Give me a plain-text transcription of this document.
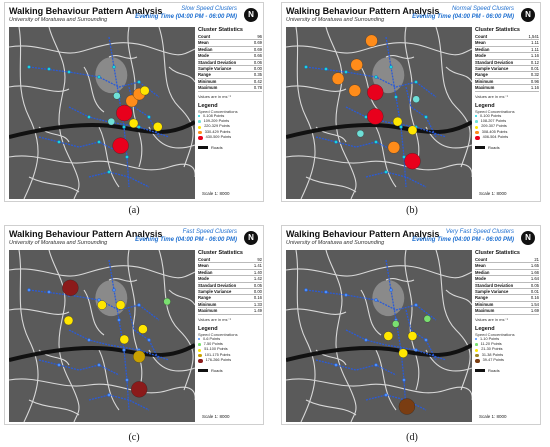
Walking Behaviour Pattern Analysis
University of Moratuwa and Surrounding
Slow Speed Clusters
Evening Time (04:00 PM - 06:00 PM)	N
Cluster Statistics
Count	96
Mean	0.69
Median	0.69
Mode	0.66
Standard Deviation	0.06
Sample Variance	0.00
Range	0.35
Minimum	0.42
Maximum	0.78
Values are in ms⁻¹
Legend
Speed Concentrations
0-108 Points
109-209 Points
220-329 Points
330-429 Points
430-509 Points
Roads
Scale 1: 8000
(a)
Walking Behaviour Pattern Analysis
University of Moratuwa and Surrounding
Normal Speed Clusters
Evening Time (04:00 PM - 06:00 PM)	N
Cluster Statistics
Count	1,541
Mean	1.11
Median	1.11
Mode	1.16
Standard Deviation	0.12
Sample Variance	0.01
Range	0.32
Minimum	0.96
Maximum	1.16
Values are in ms⁻¹
Legend
Speed Concentrations
0-100 Points
108-207 Points
209-307 Points
308-405 Points
406-504 Points
Roads
Scale 1: 8000
(b)
Walking Behaviour Pattern Analysis
University of Moratuwa and Surrounding
Fast Speed Clusters
Evening Time (04:00 PM - 06:00 PM)	N
Cluster Statistics
Count	92
Mean	1.41
Median	1.40
Mode	1.42
Standard Deviation	0.05
Sample Variance	0.00
Range	0.16
Minimum	1.33
Maximum	1.49
Values are in ms⁻¹
Legend
Speed Concentrations
0-6 Points
7-50 Points
51-100 Points
101-175 Points
176-266 Points
Roads
Scale 1: 8000
(c)
Walking Behaviour Pattern Analysis
University of Moratuwa and Surrounding
Very Fast Speed Clusters
Evening Time (04:00 PM - 06:00 PM)	N
Cluster Statistics
Count	21
Mean	1.65
Median	1.66
Mode	1.64
Standard Deviation	0.05
Sample Variance	0.01
Range	0.16
Minimum	1.54
Maximum	1.69
Values are in ms⁻¹
Legend
Speed Concentrations
1-10 Points
11-20 Points
21-30 Points
31-38 Points
39-47 Points
Roads
Scale 1: 8000
(d)
